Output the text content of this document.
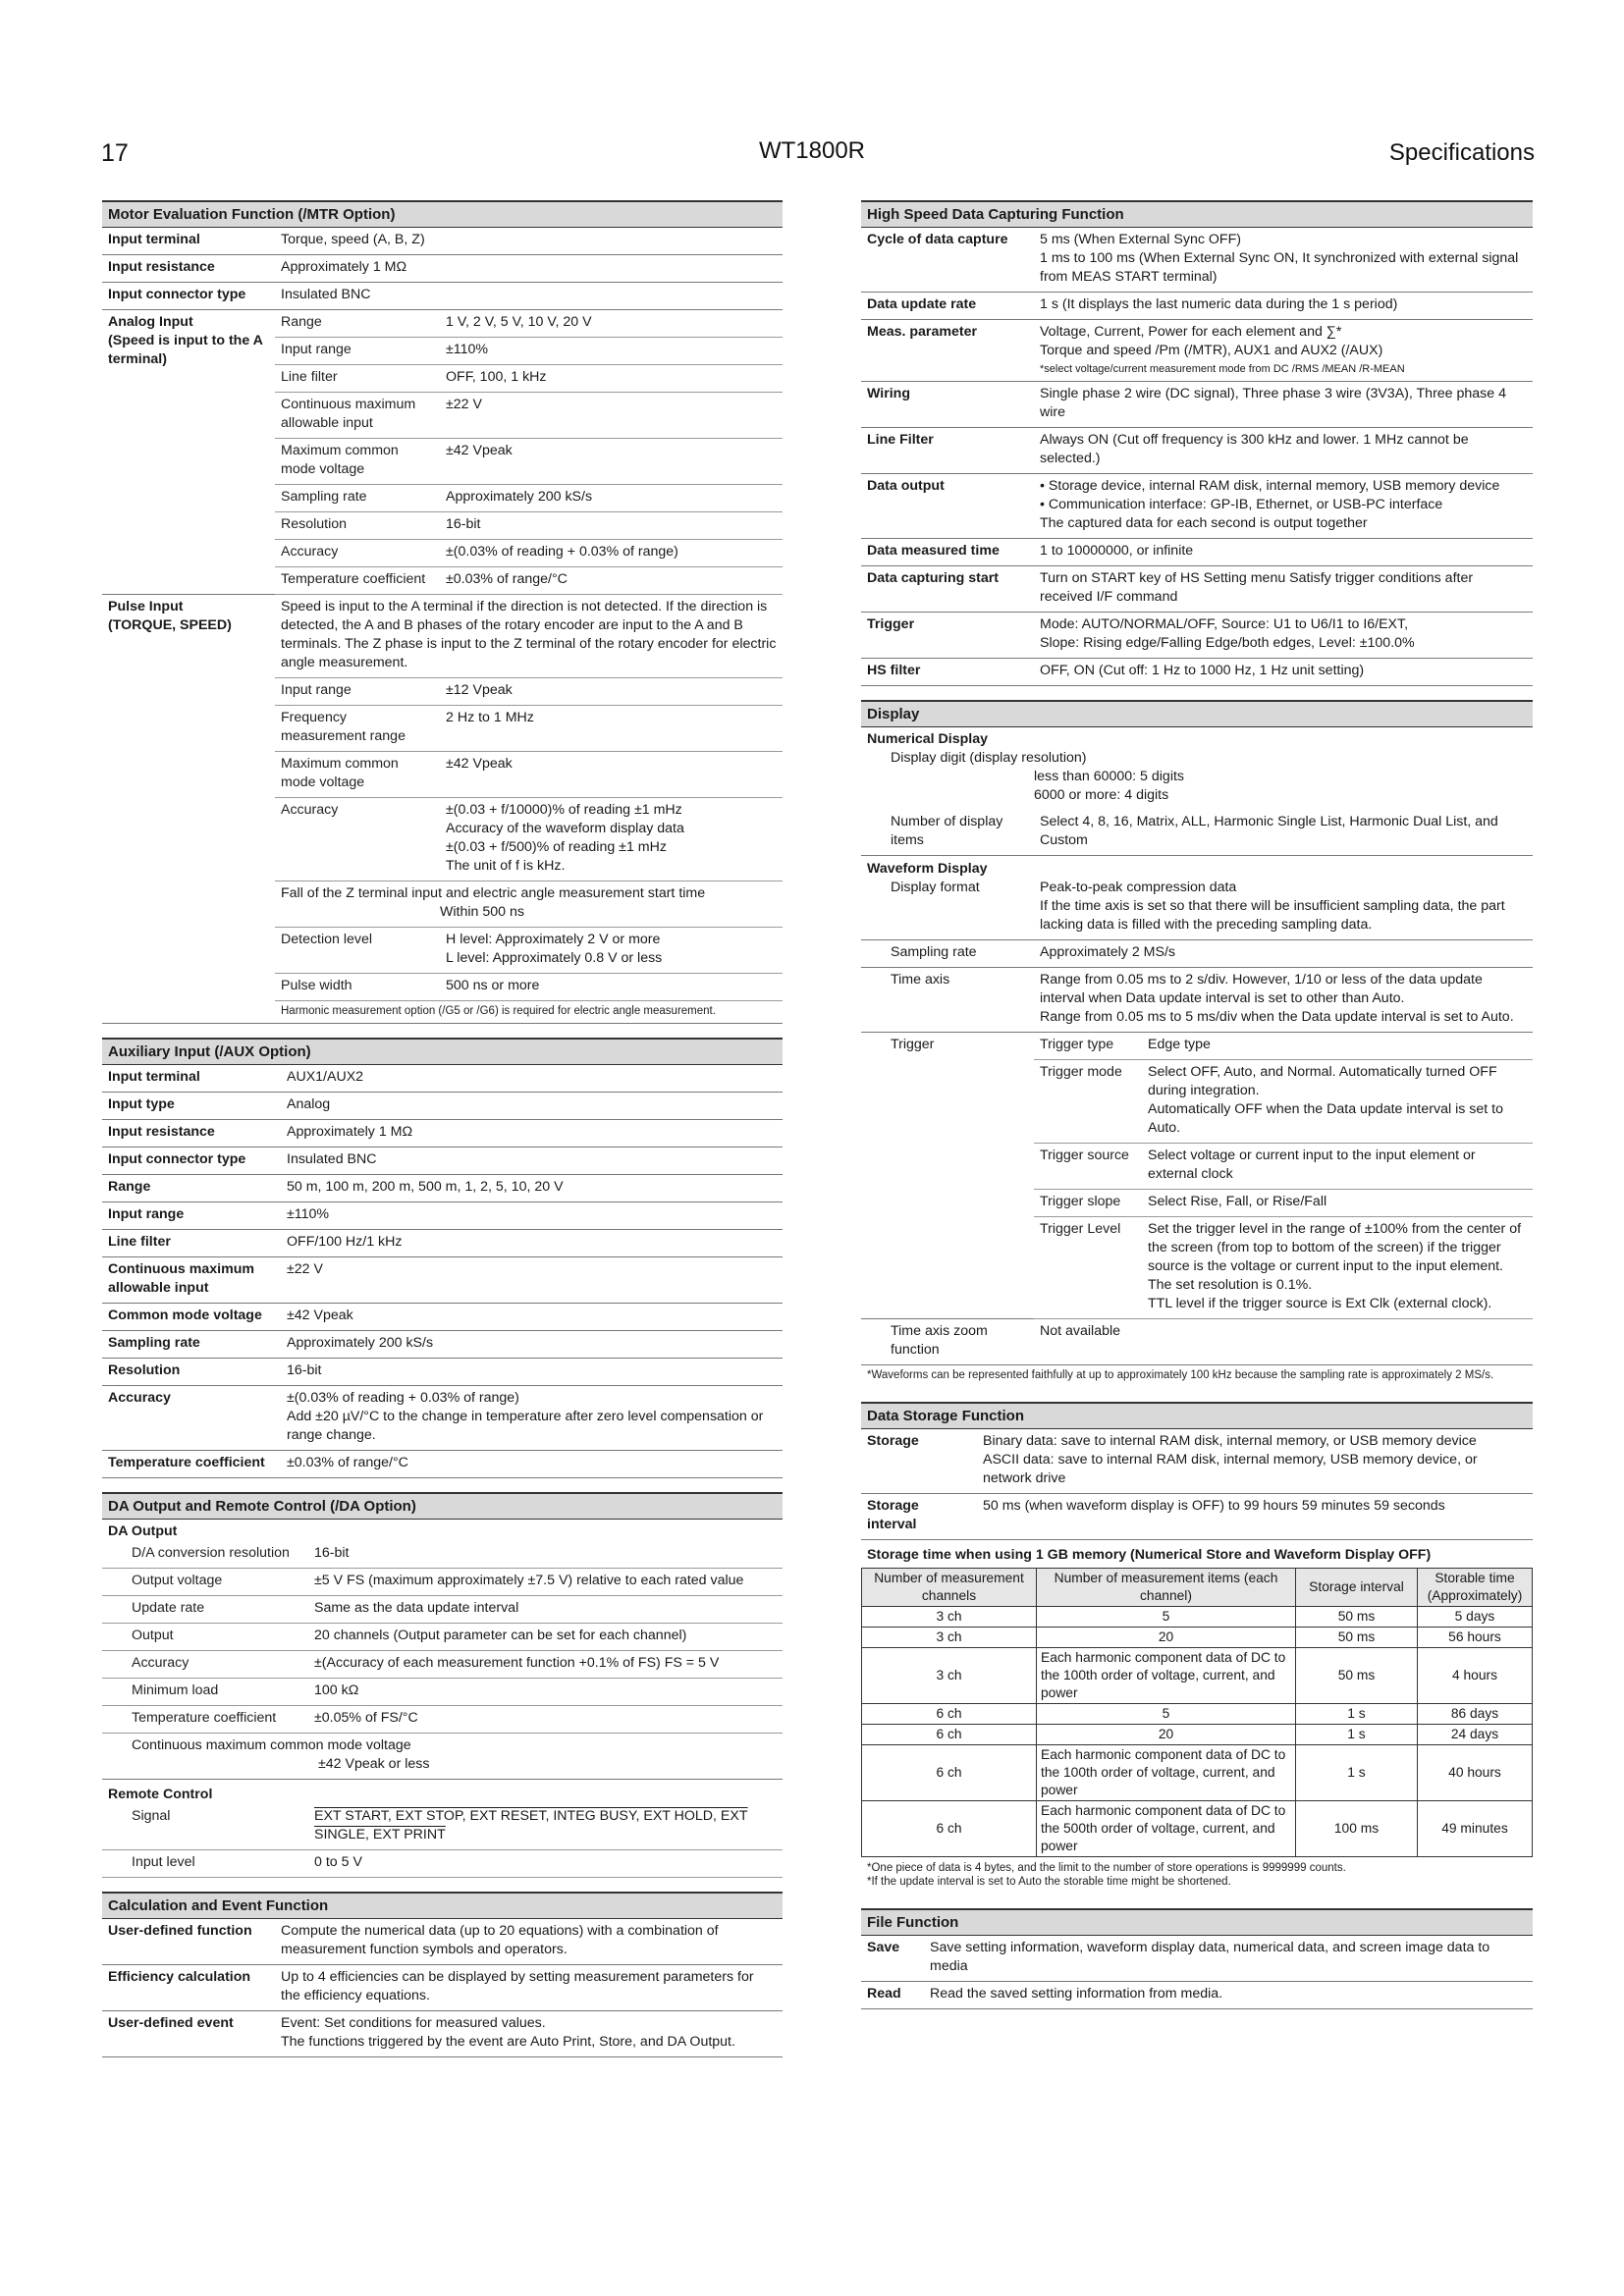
17	WT1800R	Specifications
Motor Evaluation Function (/MTR Option)
Input terminal	Torque, speed (A, B, Z)	
Input resistance	Approximately 1 MΩ	
Input connector type	Insulated BNC	
Analog Input
(Speed is input to the A terminal)	Range	1 V, 2 V, 5 V, 10 V, 20 V
	Input range	±110%
	Line filter	OFF, 100, 1 kHz
	Continuous maximum allowable input	±22 V
	Maximum common mode voltage	±42 Vpeak
	Sampling rate	Approximately 200 kS/s
	Resolution	16-bit
	Accuracy	±(0.03% of reading + 0.03% of range)
	Temperature coefficient	±0.03% of range/°C
Pulse Input
(TORQUE, SPEED)	Speed is input to the A terminal if the direction is not detected. If the direction is detected, the A and B phases of the rotary encoder are input to the A and B terminals. The Z phase is input to the Z terminal of the rotary encoder for electric angle measurement.	
	Input range	±12 Vpeak
	Frequency measurement range	2 Hz to 1 MHz
	Maximum common mode voltage	±42 Vpeak
	Accuracy	±(0.03 + f/10000)% of reading ±1 mHz
Accuracy of the waveform display data
±(0.03 + f/500)% of reading ±1 mHz
The unit of f is kHz.

	Fall of the Z terminal input and electric angle measurement start time
Within 500 ns	

	Detection level	H level: Approximately 2 V or more
L level: Approximately 0.8 V or less
	Pulse width	500 ns or more
	Harmonic measurement option (/G5 or /G6) is required for electric angle measurement.	
Auxiliary Input (/AUX Option)
Input terminal	AUX1/AUX2
Input type	Analog
Input resistance	Approximately 1 MΩ
Input connector type	Insulated BNC
Range	50 m, 100 m, 200 m, 500 m, 1, 2, 5, 10, 20 V
Input range	±110%
Line filter	OFF/100 Hz/1 kHz
Continuous maximum allowable input	±22 V
Common mode voltage	±42 Vpeak
Sampling rate	Approximately 200 kS/s
Resolution	16-bit
Accuracy	±(0.03% of reading + 0.03% of range)
Add ±20 µV/°C to the change in temperature after zero level compensation or range change.
Temperature coefficient	±0.03% of range/°C
DA Output and Remote Control (/DA Option)
DA Output
D/A conversion resolution	16-bit
Output voltage	±5 V FS (maximum approximately ±7.5 V) relative to each rated value
Update rate	Same as the data update interval
Output	20 channels (Output parameter can be set for each channel)
Accuracy	±(Accuracy of each measurement function +0.1% of FS) FS = 5 V
Minimum load	100 kΩ
Temperature coefficient	±0.05% of FS/°C

Continuous maximum common mode voltage
±42 Vpeak or less	
Remote Control
Signal	EXT START, EXT STOP, EXT RESET, INTEG BUSY, EXT HOLD, EXT SINGLE, EXT PRINT
Input level	0 to 5 V
Calculation and Event Function
User-defined function	Compute the numerical data (up to 20 equations) with a combination of measurement function symbols and operators.
Efficiency calculation	Up to 4 efficiencies can be displayed by setting measurement parameters for the efficiency equations.
User-defined event	Event: Set conditions for measured values.
The functions triggered by the event are Auto Print, Store, and DA Output.
High Speed Data Capturing Function
Cycle of data capture	5 ms (When External Sync OFF)
1 ms to 100 ms (When External Sync ON, It synchronized with external signal from MEAS START terminal)
Data update rate	1 s (It displays the last numeric data during the 1 s period)
Meas. parameter	Voltage, Current, Power for each element and ∑*
Torque and speed /Pm (/MTR), AUX1 and AUX2 (/AUX)
*select voltage/current measurement mode from DC /RMS /MEAN /R-MEAN

Wiring	Single phase 2 wire (DC signal), Three phase 3 wire (3V3A), Three phase 4 wire
Line Filter	Always ON (Cut off frequency is 300 kHz and lower. 1 MHz cannot be selected.)
Data output	• Storage device, internal RAM disk, internal memory, USB memory device
• Communication interface: GP-IB, Ethernet, or USB-PC interface
The captured data for each second is output together
Data measured time	1 to 10000000, or infinite
Data capturing start	Turn on START key of HS Setting menu Satisfy trigger conditions after received I/F command
Trigger	Mode: AUTO/NORMAL/OFF, Source: U1 to U6/I1 to I6/EXT,
Slope: Rising edge/Falling Edge/both edges, Level: ±100.0%
HS filter	OFF, ON (Cut off: 1 Hz to 1000 Hz, 1 Hz unit setting)
Display
Numerical Display
Display digit (display resolution)
less than 60000: 5 digits
6000 or more: 4 digits

Number of display items	Select 4, 8, 16, Matrix, ALL, Harmonic Single List, Harmonic Dual List, and Custom
Waveform Display
Display format	Peak-to-peak compression data
If the time axis is set so that there will be insufficient sampling data, the part lacking data is filled with the preceding sampling data.	
Sampling rate	Approximately 2 MS/s	
Time axis	Range from 0.05 ms to 2 s/div. However, 1/10 or less of the data update interval when Data update interval is set to other than Auto.
Range from 0.05 ms to 5 ms/div when the Data update interval is set to Auto.	
Trigger	Trigger type	Edge type
	Trigger mode	Select OFF, Auto, and Normal. Automatically turned OFF during integration.
Automatically OFF when the Data update interval is set to Auto.
	Trigger source	Select voltage or current input to the input element or external clock
	Trigger slope	Select Rise, Fall, or Rise/Fall
	Trigger Level	Set the trigger level in the range of ±100% from the center of the screen (from top to bottom of the screen) if the trigger source is the voltage or current input to the input element.
The set resolution is 0.1%.
TTL level if the trigger source is Ext Clk (external clock).
Time axis zoom function	Not available	
*Waveforms can be represented faithfully at up to approximately 100 kHz because the sampling rate is approximately 2 MS/s.
Data Storage Function
Storage	Binary data: save to internal RAM disk, internal memory, or USB memory device
ASCII data: save to internal RAM disk, internal memory, USB memory device, or network drive
Storage interval	50 ms (when waveform display is OFF) to 99 hours 59 minutes 59 seconds
Storage time when using 1 GB memory (Numerical Store and Waveform Display OFF)
Number of measurement channels	Number of measurement items (each channel)	Storage interval	Storable time (Approximately)
3 ch	5	50 ms	5 days
3 ch	20	50 ms	56 hours
3 ch	Each harmonic component data of DC to the 100th order of voltage, current, and power	50 ms	4 hours
6 ch	5	1 s	86 days
6 ch	20	1 s	24 days
6 ch	Each harmonic component data of DC to the 100th order of voltage, current, and power	1 s	40 hours
6 ch	Each harmonic component data of DC to the 500th order of voltage, current, and power	100 ms	49 minutes
*One piece of data is 4 bytes, and the limit to the number of store operations is 9999999 counts.
*If the update interval is set to Auto the storable time might be shortened.
File Function
Save	Save setting information, waveform display data, numerical data, and screen image data to media
Read	Read the saved setting information from media.
